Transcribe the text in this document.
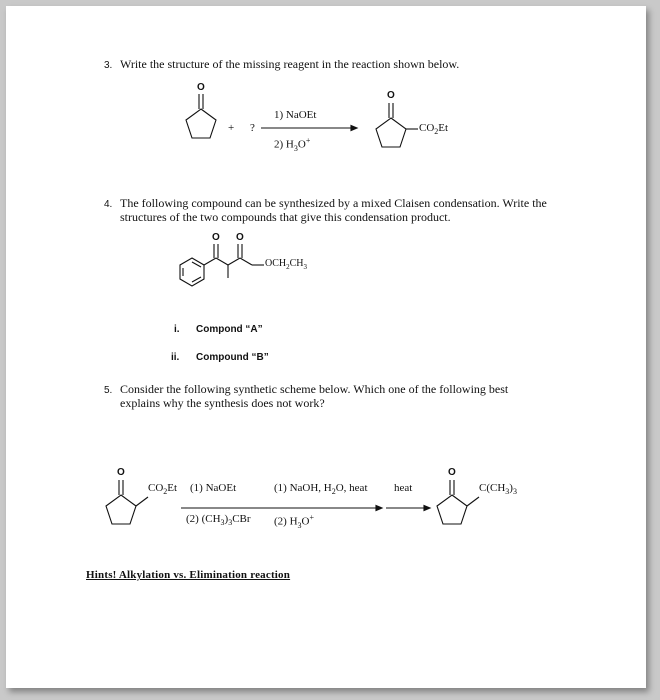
3. Write the structure of the missing reagent in the reaction shown below.
O
+ ?
1) NaOEt
2) $H_3O^+$
O
$CO_2Et$
4. The following compound can be synthesized by a mixed Claisen condensation. Write the
structures of the two compounds that give this condensation product.
O O
$OCH_2CH_3$
i. Compond “A”
ii. Compound “B”
5. Consider the following synthetic scheme below. Which one of the following best
explains why the synthesis does not work?
O
$CO_2Et$ (1) NaOEt
(2) $(CH_3)_3CBr$
(1) NaOH, $H_2O$, heat
(2) $H_3O^+$
heat
O
$C(CH_3)_3$
Hints! Alkylation vs. Elimination reaction
